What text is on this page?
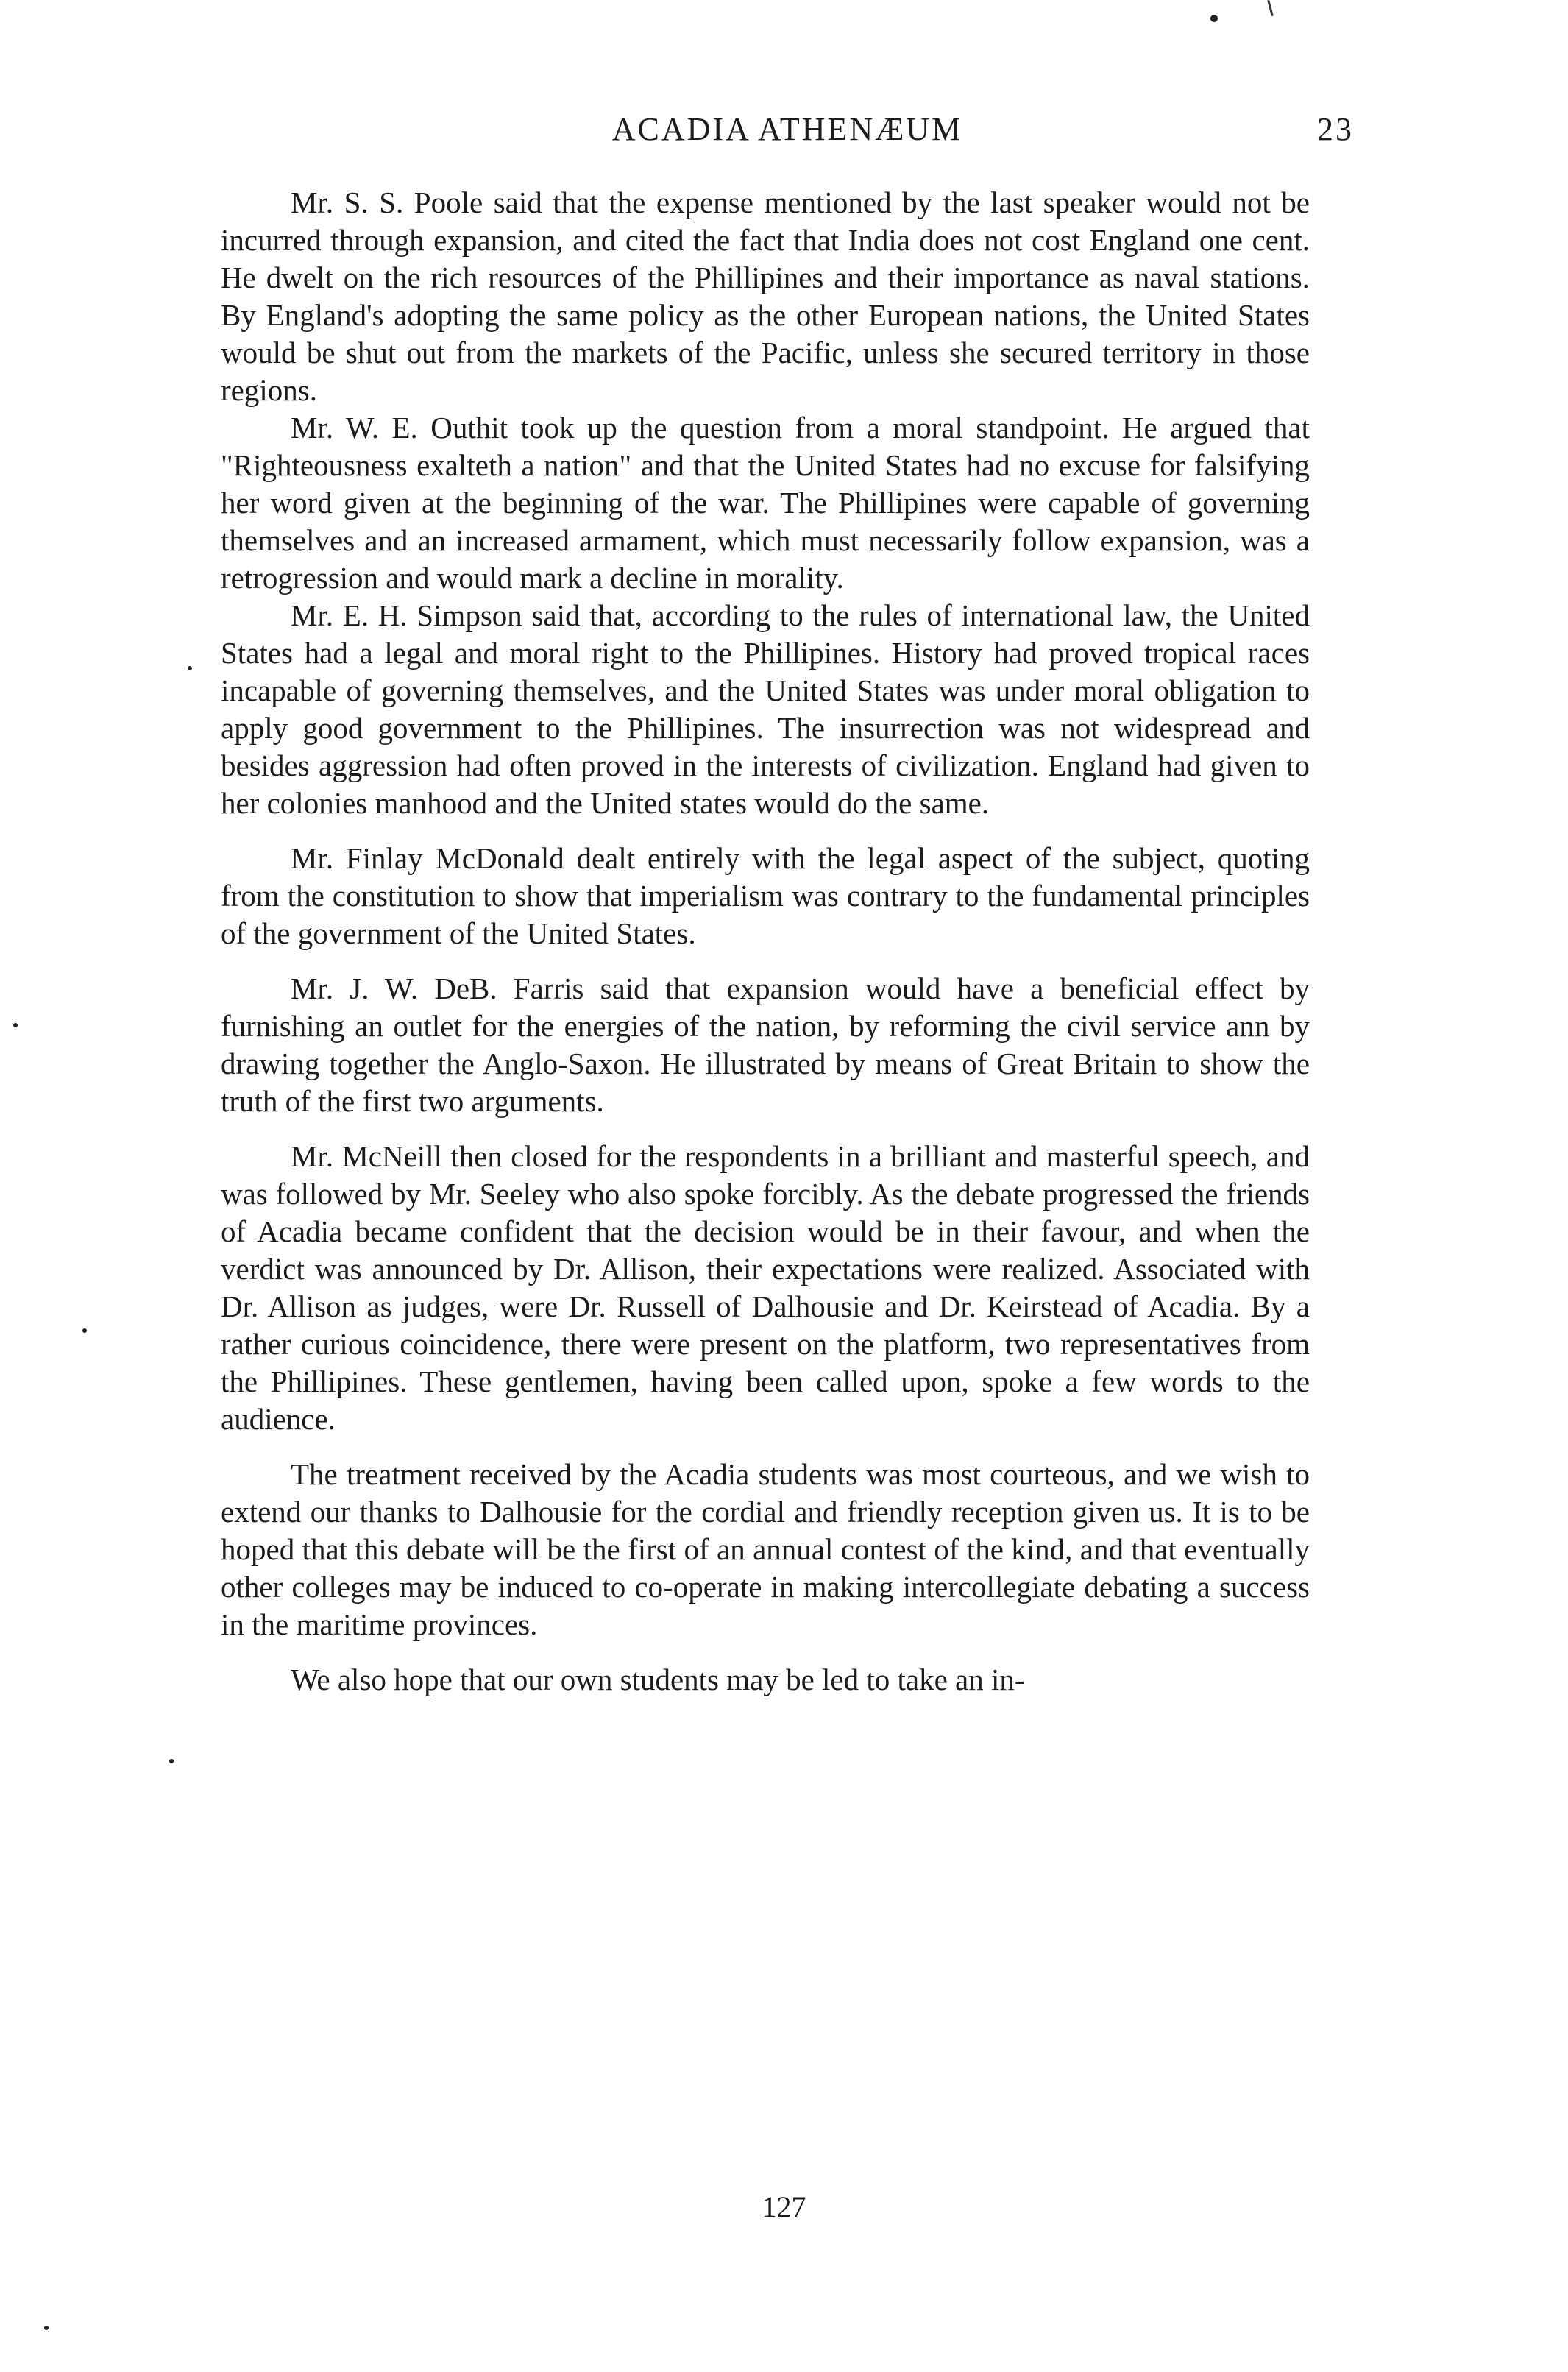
ACADIA ATHENÆUM	23

Mr. S. S. Poole said that the expense mentioned by the last speaker would not be incurred through expansion, and cited the fact that India does not cost England one cent. He dwelt on the rich resources of the Phillipines and their importance as naval stations. By England's adopting the same policy as the other European nations, the United States would be shut out from the markets of the Pacific, unless she secured territory in those regions.

Mr. W. E. Outhit took up the question from a moral standpoint. He argued that "Righteousness exalteth a nation" and that the United States had no excuse for falsifying her word given at the beginning of the war. The Phillipines were capable of governing themselves and an increased armament, which must necessarily follow expansion, was a retrogression and would mark a decline in morality.

Mr. E. H. Simpson said that, according to the rules of international law, the United States had a legal and moral right to the Phillipines. History had proved tropical races incapable of governing themselves, and the United States was under moral obligation to apply good government to the Phillipines. The insurrection was not widespread and besides aggression had often proved in the interests of civilization. England had given to her colonies manhood and the United states would do the same.

Mr. Finlay McDonald dealt entirely with the legal aspect of the subject, quoting from the constitution to show that imperialism was contrary to the fundamental principles of the government of the United States.

Mr. J. W. DeB. Farris said that expansion would have a beneficial effect by furnishing an outlet for the energies of the nation, by reforming the civil service ann by drawing together the Anglo-Saxon. He illustrated by means of Great Britain to show the truth of the first two arguments.

Mr. McNeill then closed for the respondents in a brilliant and masterful speech, and was followed by Mr. Seeley who also spoke forcibly. As the debate progressed the friends of Acadia became confident that the decision would be in their favour, and when the verdict was announced by Dr. Allison, their expectations were realized. Associated with Dr. Allison as judges, were Dr. Russell of Dalhousie and Dr. Keirstead of Acadia. By a rather curious coincidence, there were present on the platform, two representatives from the Phillipines. These gentlemen, having been called upon, spoke a few words to the audience.

The treatment received by the Acadia students was most courteous, and we wish to extend our thanks to Dalhousie for the cordial and friendly reception given us. It is to be hoped that this debate will be the first of an annual contest of the kind, and that eventually other colleges may be induced to co-operate in making intercollegiate debating a success in the maritime provinces.

We also hope that our own students may be led to take an in-

127
